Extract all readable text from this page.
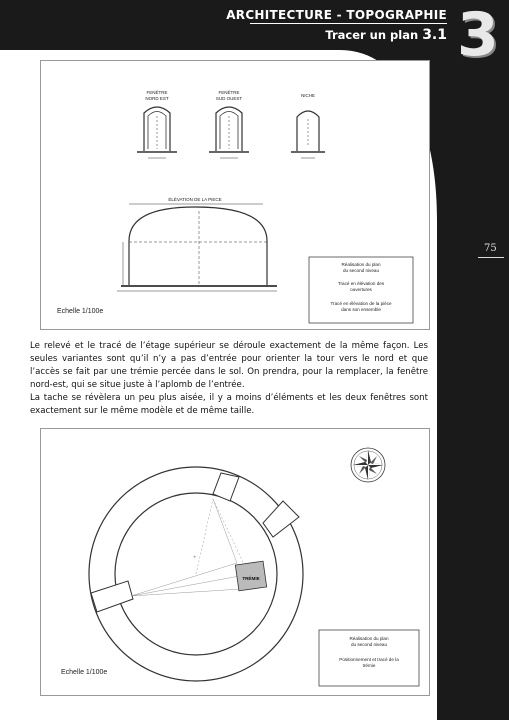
ARCHITECTURE - TOPOGRAPHIE
Tracer un plan 3.1 3
75
FENÊTRE
NORD EST
FENÊTRE
SUD OUEST
NICHE
ÉLÉVATION DE LA PIECE
Réalisation du plan
du second niveau
Tracé en élévation des
ouvertures
Tracé en élévation de la pièce
dans son ensemble
Echelle 1/100e

Le relevé et le tracé de l’étage supérieur se déroule exactement de la même façon. Les seules variantes sont qu’il n’y a pas d’entrée pour orienter la tour vers le nord et que l’accès se fait par une trémie percée dans le sol. On prendra, pour la remplacer, la fenêtre nord-est, qui se situe juste à l’aplomb de l’entrée.

La tache se révèlera un peu plus aisée, il y a moins d’éléments et les deux fenêtres sont exactement sur le même modèle et de même taille.

+
TRÉMIE
Réalisation du plan
du second niveau
Positionnement et tracé de la
trémie
Echelle 1/100e
